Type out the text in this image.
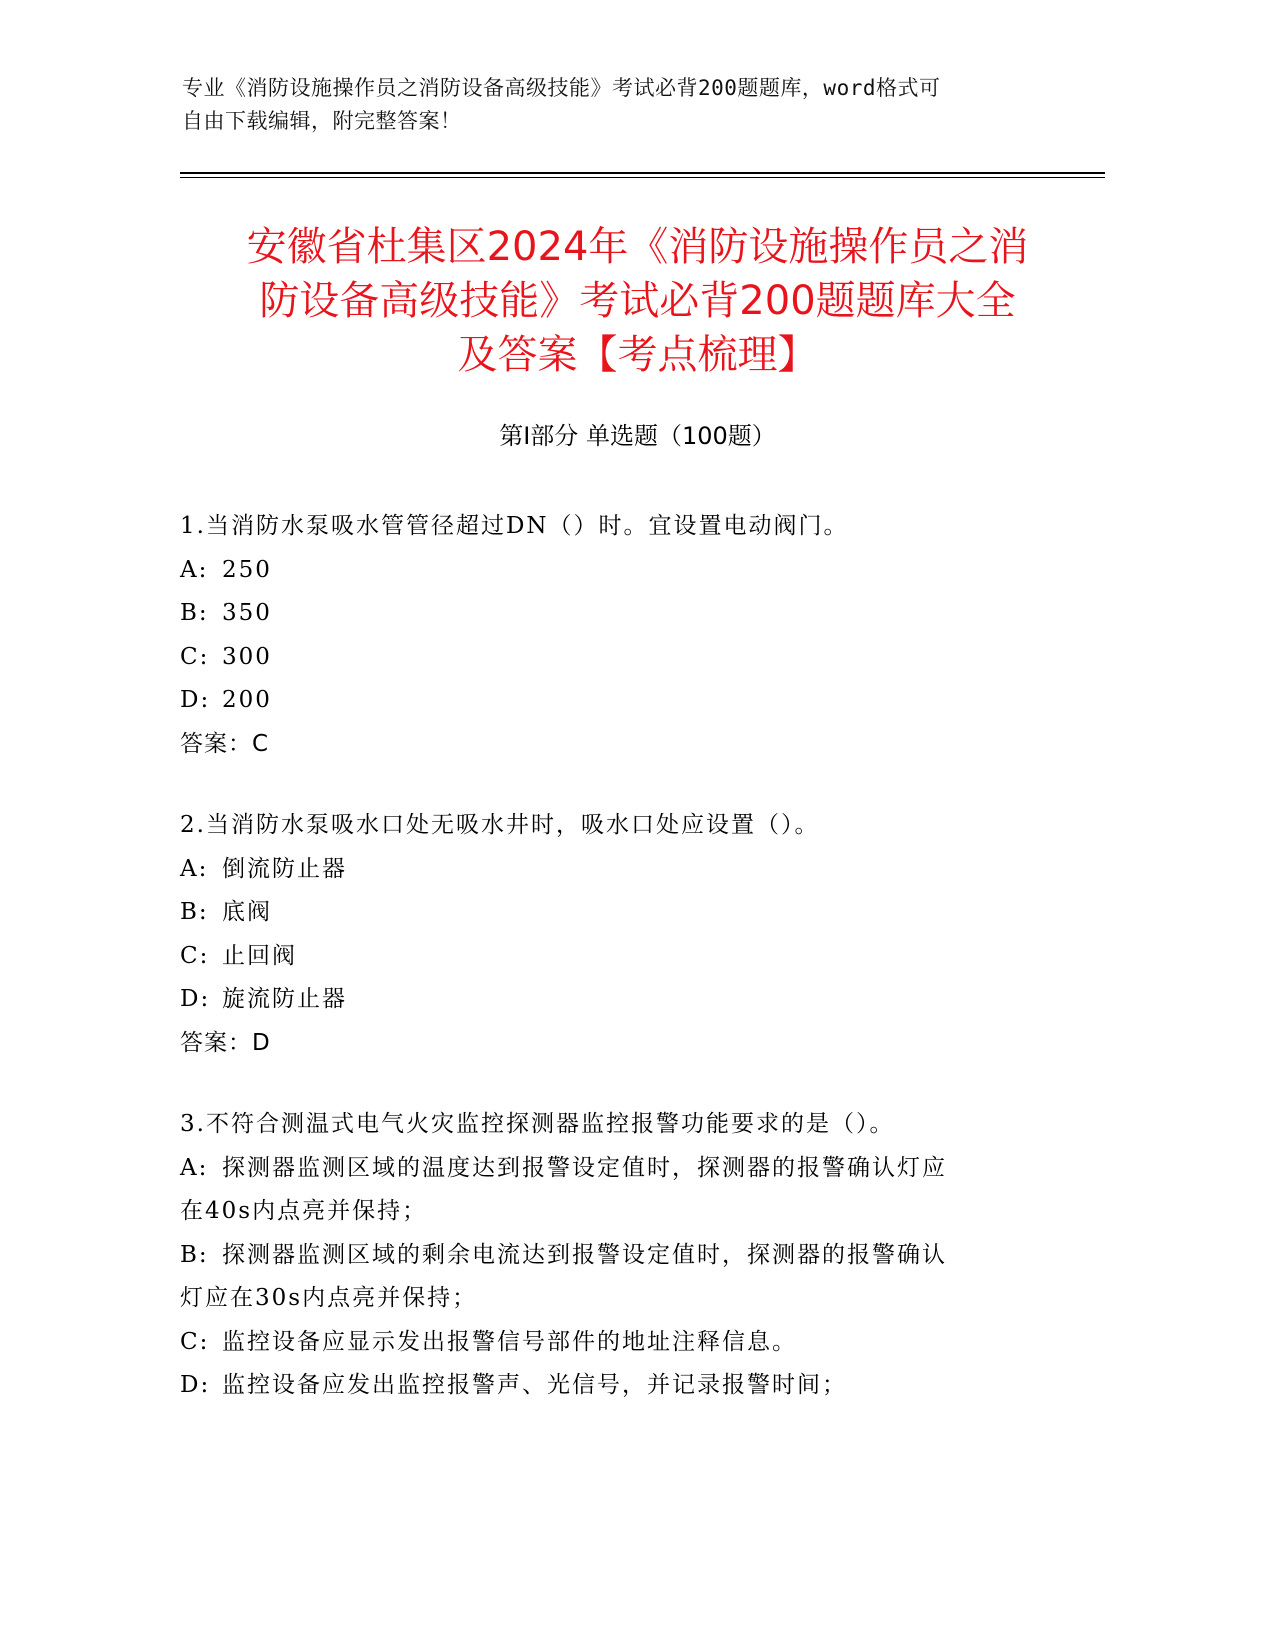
专业《消防设施操作员之消防设备高级技能》考试必背200题题库，word格式可
自由下载编辑，附完整答案！
安徽省杜集区2024年《消防设施操作员之消
防设备高级技能》考试必背200题题库大全
及答案【考点梳理】
第Ⅰ部分 单选题（100题）
1.当消防水泵吸水管管径超过DN（）时。宜设置电动阀门。
A: 250
B: 350
C: 300
D: 200
答案：C
2.当消防水泵吸水口处无吸水井时，吸水口处应设置（）。
A: 倒流防止器
B: 底阀
C: 止回阀
D: 旋流防止器
答案：D
3.不符合测温式电气火灾监控探测器监控报警功能要求的是（）。
A: 探测器监测区域的温度达到报警设定值时，探测器的报警确认灯应
在40s内点亮并保持；
B: 探测器监测区域的剩余电流达到报警设定值时，探测器的报警确认
灯应在30s内点亮并保持；
C: 监控设备应显示发出报警信号部件的地址注释信息。
D: 监控设备应发出监控报警声、光信号，并记录报警时间；
